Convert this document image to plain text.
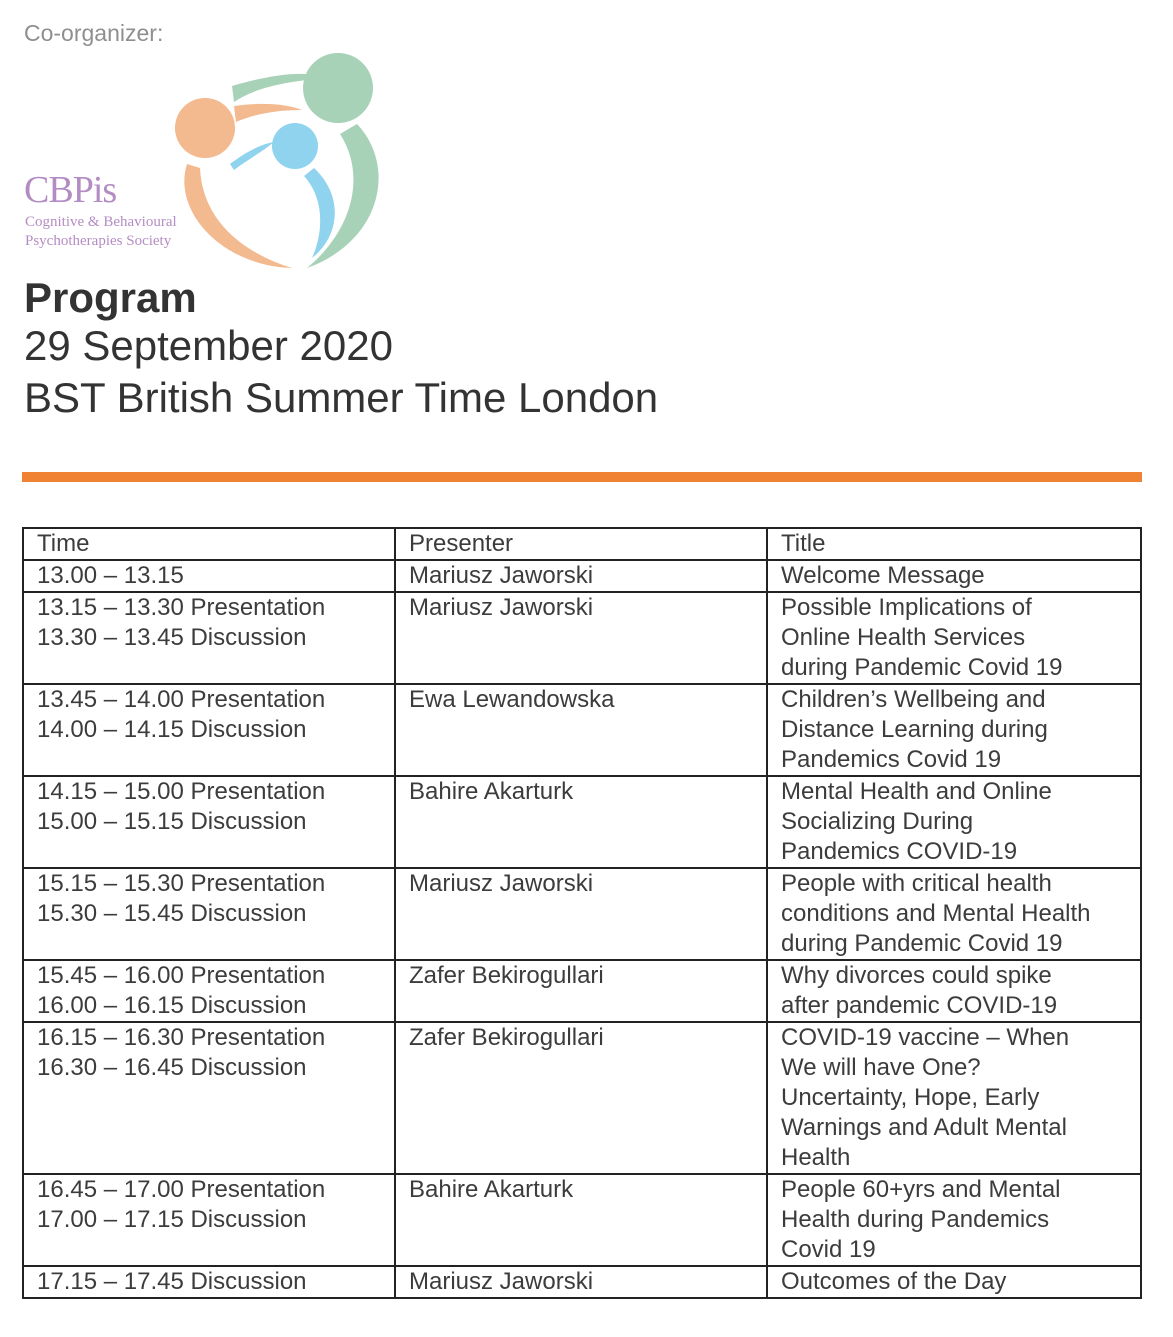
Co-organizer:
CBPis
Cognitive & Behavioural
Psychotherapies Society
Program
29 September 2020
BST British Summer Time London
Time	Presenter	Title

13.00 – 13.15	Mariusz Jaworski	Welcome Message

13.15 – 13.30 Presentation
13.30 – 13.45 Discussion	Mariusz Jaworski	Possible Implications of
Online Health Services
during Pandemic Covid 19

13.45 – 14.00 Presentation
14.00 – 14.15 Discussion	Ewa Lewandowska	Children’s Wellbeing and
Distance Learning during
Pandemics Covid 19

14.15 – 15.00 Presentation
15.00 – 15.15 Discussion	Bahire Akarturk	Mental Health and Online
Socializing During
Pandemics COVID-19

15.15 – 15.30 Presentation
15.30 – 15.45 Discussion	Mariusz Jaworski	People with critical health
conditions and Mental Health
during Pandemic Covid 19

15.45 – 16.00 Presentation
16.00 – 16.15 Discussion	Zafer Bekirogullari	Why divorces could spike
after pandemic COVID-19

16.15 – 16.30 Presentation
16.30 – 16.45 Discussion	Zafer Bekirogullari	COVID-19 vaccine – When
We will have One?
Uncertainty, Hope, Early
Warnings and Adult Mental
Health

16.45 – 17.00 Presentation
17.00 – 17.15 Discussion	Bahire Akarturk	People 60+yrs and Mental
Health during Pandemics
Covid 19

17.15 – 17.45 Discussion	Mariusz Jaworski	Outcomes of the Day
